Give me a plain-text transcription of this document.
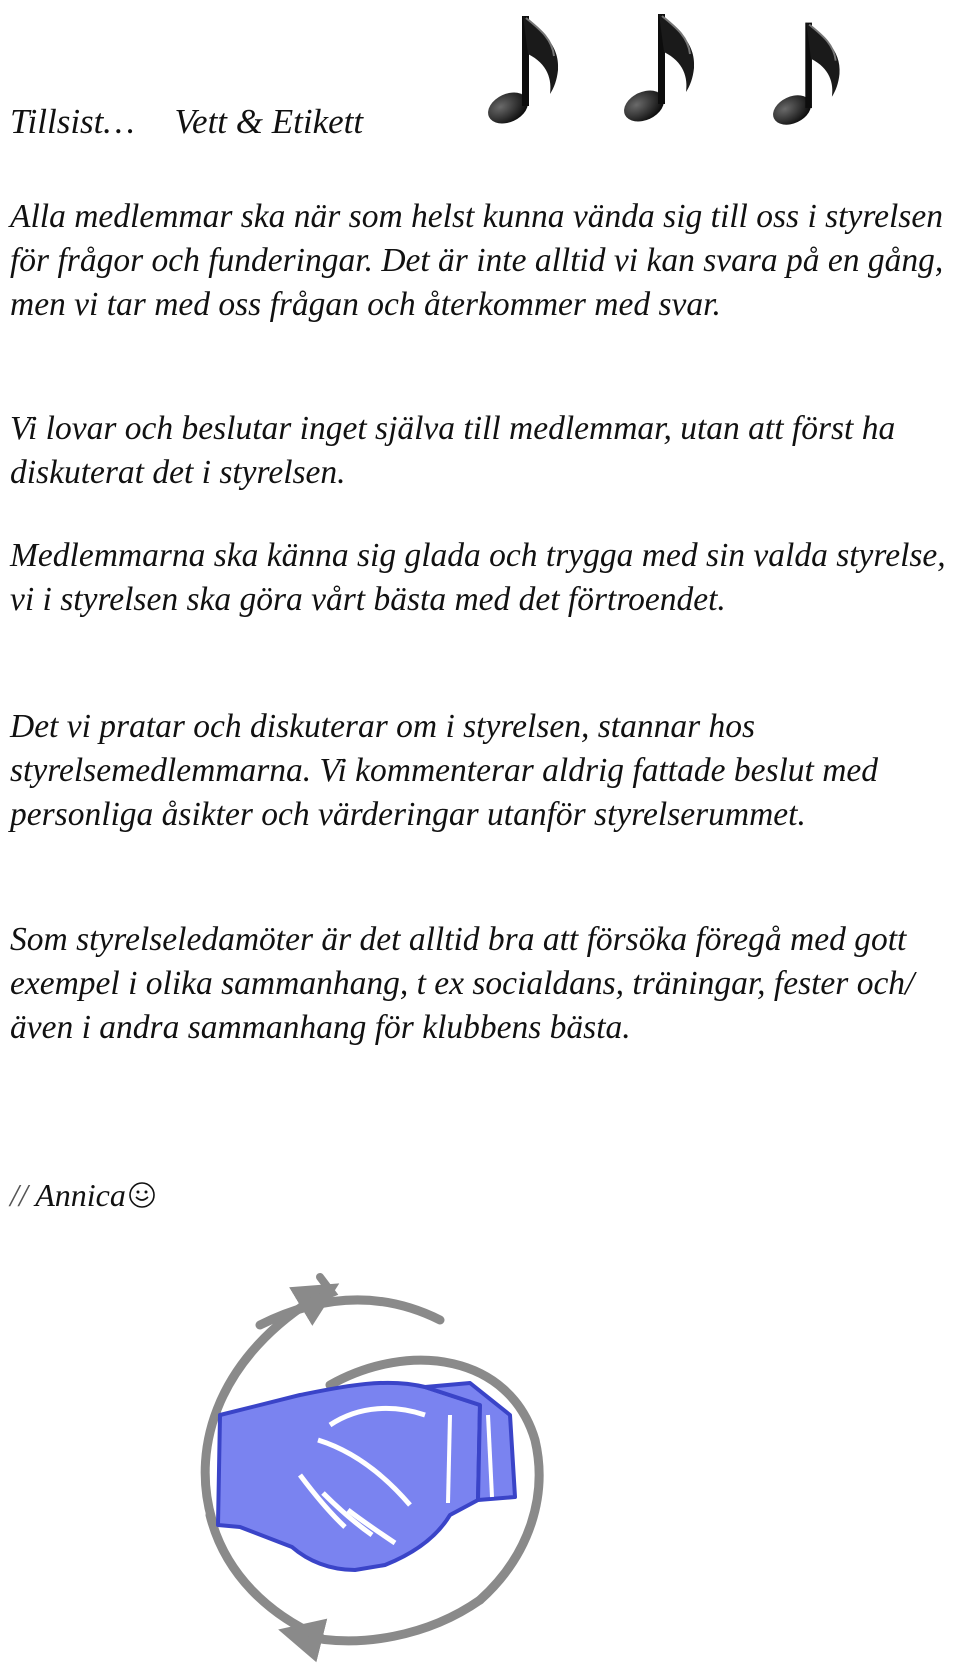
Tillsist… Vett & Etikett

Alla medlemmar ska när som helst kunna vända sig till oss i styrelsen för frågor och funderingar. Det är inte alltid vi kan svara på en gång, men vi tar med oss frågan och återkommer med svar.

Vi lovar och beslutar inget själva till medlemmar, utan att först ha diskuterat det i styrelsen.

Medlemmarna ska känna sig glada och trygga med sin valda styrelse, vi i styrelsen ska göra vårt bästa med det förtroendet.

Det vi pratar och diskuterar om i styrelsen, stannar hos styrelsemedlemmarna. Vi kommenterar aldrig fattade beslut med personliga åsikter och värderingar utanför styrelserummet.

Som styrelseledamöter är det alltid bra att försöka föregå med gott exempel i olika sammanhang, t ex socialdans, träningar, fester och/även i andra sammanhang för klubbens bästa.

// Annica
